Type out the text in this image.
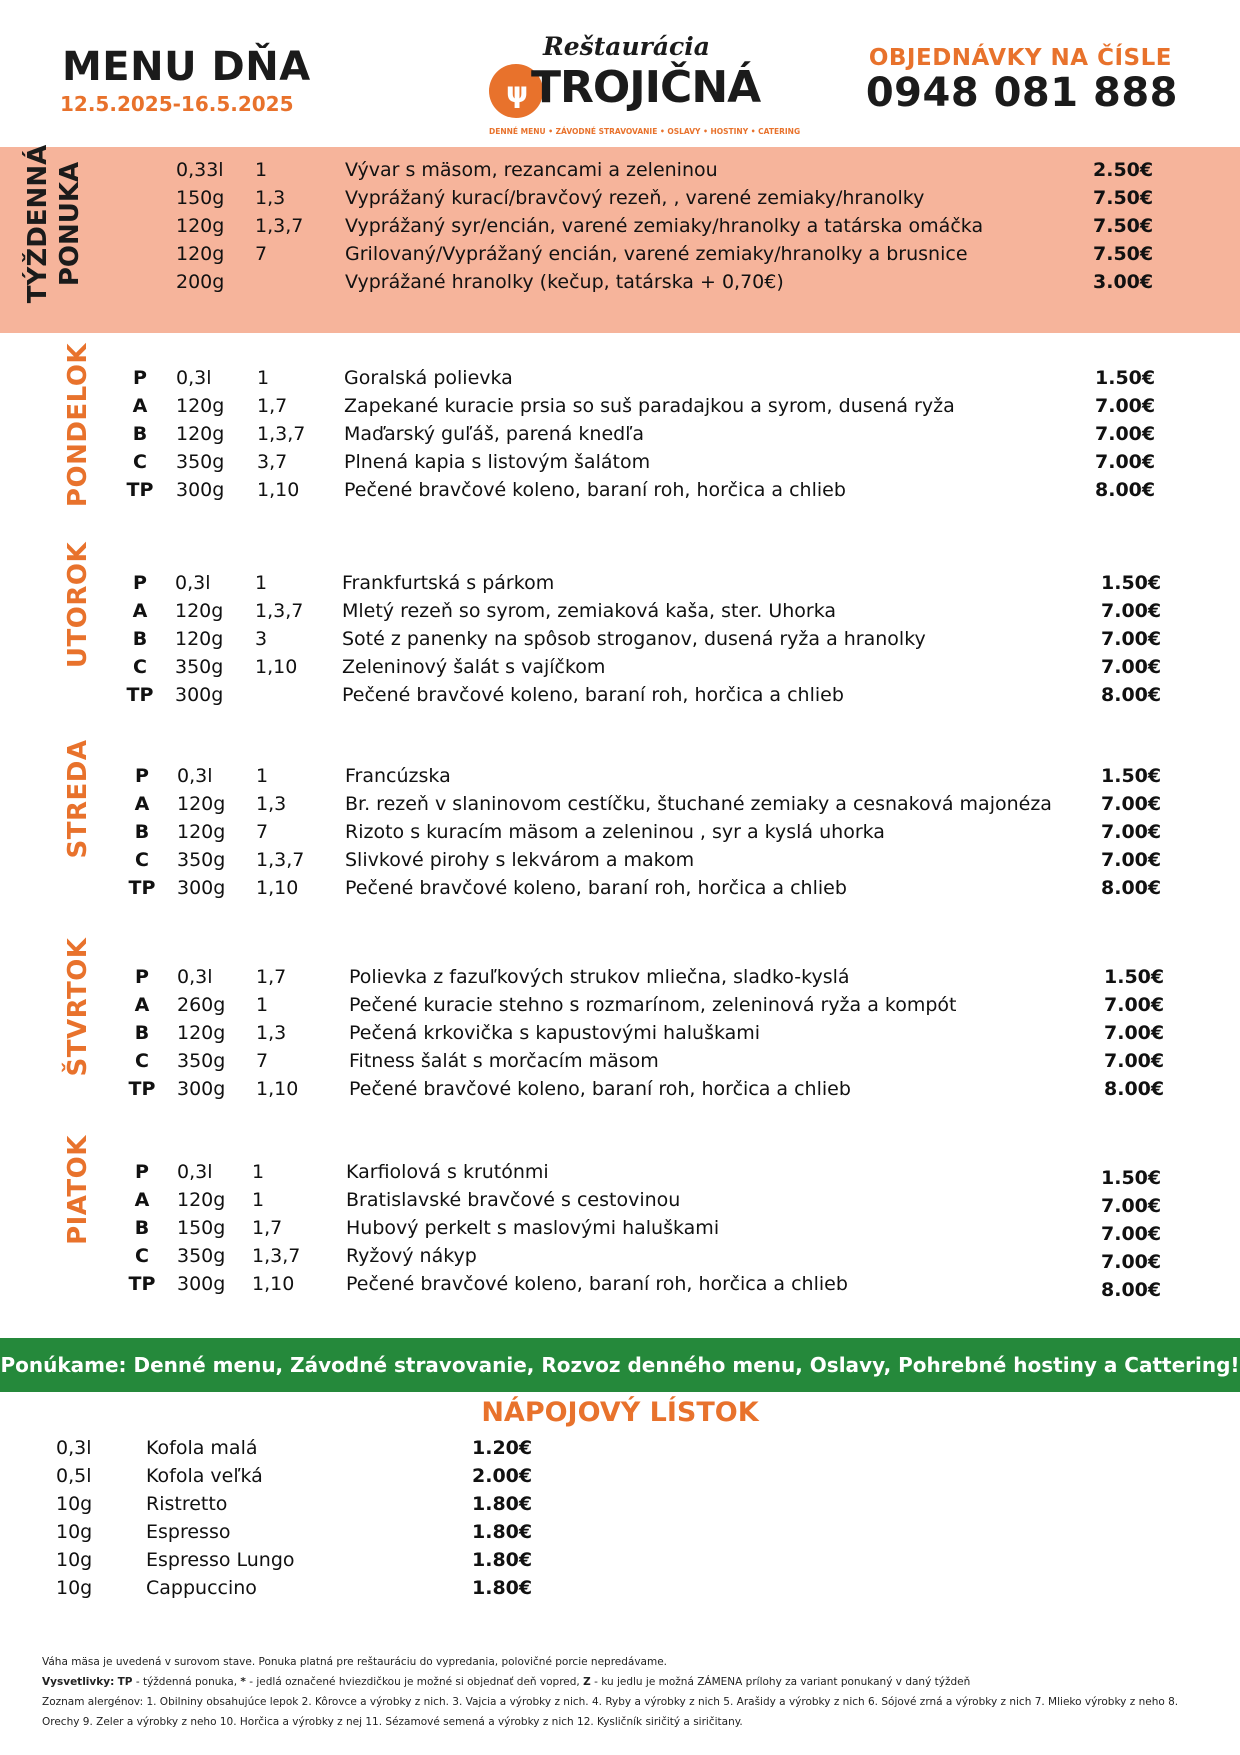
MENU DŇA
12.5.2025-16.5.2025
Reštaurácia
ψ TROJIČNÁ
DENNÉ MENU • ZÁVODNÉ STRAVOVANIE • OSLAVY • HOSTINY • CATERING
OBJEDNÁVKY NA ČÍSLE
0948 081 888
TÝŽDENNÁ PONUKA	0,33l 1	Vývar s mäsom, rezancami a zeleninou	2.50€
150g 1,3	Vyprážaný kurací/bravčový rezeň, , varené zemiaky/hranolky	7.50€
120g 1,3,7 Vyprážaný syr/encián, varené zemiaky/hranolky a tatárska omáčka	7.50€
120g 7	Grilovaný/Vyprážaný encián, varené zemiaky/hranolky a brusnice	7.50€
200g	Vyprážané hranolky (kečup, tatárska + 0,70€)	3.00€
PONDELOK P 0,3l 1	Goralská polievka	1.50€
A 120g 1,7	Zapekané kuracie prsia so suš paradajkou a syrom, dusená ryža	7.00€
B 120g 1,3,7 Maďarský guľáš, parená knedľa	7.00€
C 350g 3,7	Plnená kapia s listovým šalátom	7.00€
TP 300g 1,10 Pečené bravčové koleno, baraní roh, horčica a chlieb	8.00€
UTOROK P 0,3l 1	Frankfurtská s párkom	1.50€
A 120g 1,3,7 Mletý rezeň so syrom, zemiaková kaša, ster. Uhorka	7.00€
B 120g 3	Soté z panenky na spôsob stroganov, dusená ryža a hranolky	7.00€
C 350g 1,10 Zeleninový šalát s vajíčkom	7.00€
TP 300g	Pečené bravčové koleno, baraní roh, horčica a chlieb	8.00€
STREDA P 0,3l 1	Francúzska	1.50€
A 120g 1,3	Br. rezeň v slaninovom cestíčku, štuchané zemiaky a cesnaková majonéza	7.00€
B 120g 7	Rizoto s kuracím mäsom a zeleninou , syr a kyslá uhorka	7.00€
C 350g 1,3,7 Slivkové pirohy s lekvárom a makom	7.00€
TP 300g 1,10 Pečené bravčové koleno, baraní roh, horčica a chlieb	8.00€
ŠTVRTOK P 0,3l 1,7	Polievka z fazuľkových strukov mliečna, sladko-kyslá	1.50€
A 260g 1	Pečené kuracie stehno s rozmarínom, zeleninová ryža a kompót	7.00€
B 120g 1,3	Pečená krkovička s kapustovými haluškami	7.00€
C 350g 7	Fitness šalát s morčacím mäsom	7.00€
TP 300g 1,10	Pečené bravčové koleno, baraní roh, horčica a chlieb	8.00€
PIATOK P 0,3l 1	Karfiolová s krutónmi	1.50€
A 120g 1	Bratislavské bravčové s cestovinou	7.00€
B 150g 1,7	Hubový perkelt s maslovými haluškami	7.00€
C 350g 1,3,7 Ryžový nákyp	7.00€
TP 300g 1,10	Pečené bravčové koleno, baraní roh, horčica a chlieb	8.00€
Ponúkame: Denné menu, Závodné stravovanie, Rozvoz denného menu, Oslavy, Pohrebné hostiny a Cattering!
NÁPOJOVÝ LÍSTOK
0,3l	Kofola malá	1.20€
0,5l	Kofola veľká	2.00€
10g	Ristretto	1.80€
10g	Espresso	1.80€
10g	Espresso Lungo	1.80€
10g	Cappuccino	1.80€
Váha mäsa je uvedená v surovom stave. Ponuka platná pre reštauráciu do vypredania, polovičné porcie nepredávame.
Vysvetlivky: TP - týždenná ponuka, * - jedlá označené hviezdičkou je možné si objednať deň vopred, Z - ku jedlu je možná ZÁMENA prílohy za variant ponukaný v daný týždeň
Zoznam alergénov: 1. Obilniny obsahujúce lepok 2. Kôrovce a výrobky z nich. 3. Vajcia a výrobky z nich. 4. Ryby a výrobky z nich 5. Arašidy a výrobky z nich 6. Sójové zrná a výrobky z nich 7. Mlieko výrobky z neho 8. Orechy 9. Zeler a výrobky z neho 10. Horčica a výrobky z nej 11. Sézamové semená a výrobky z nich 12. Kysličník siričitý a siričitany.
